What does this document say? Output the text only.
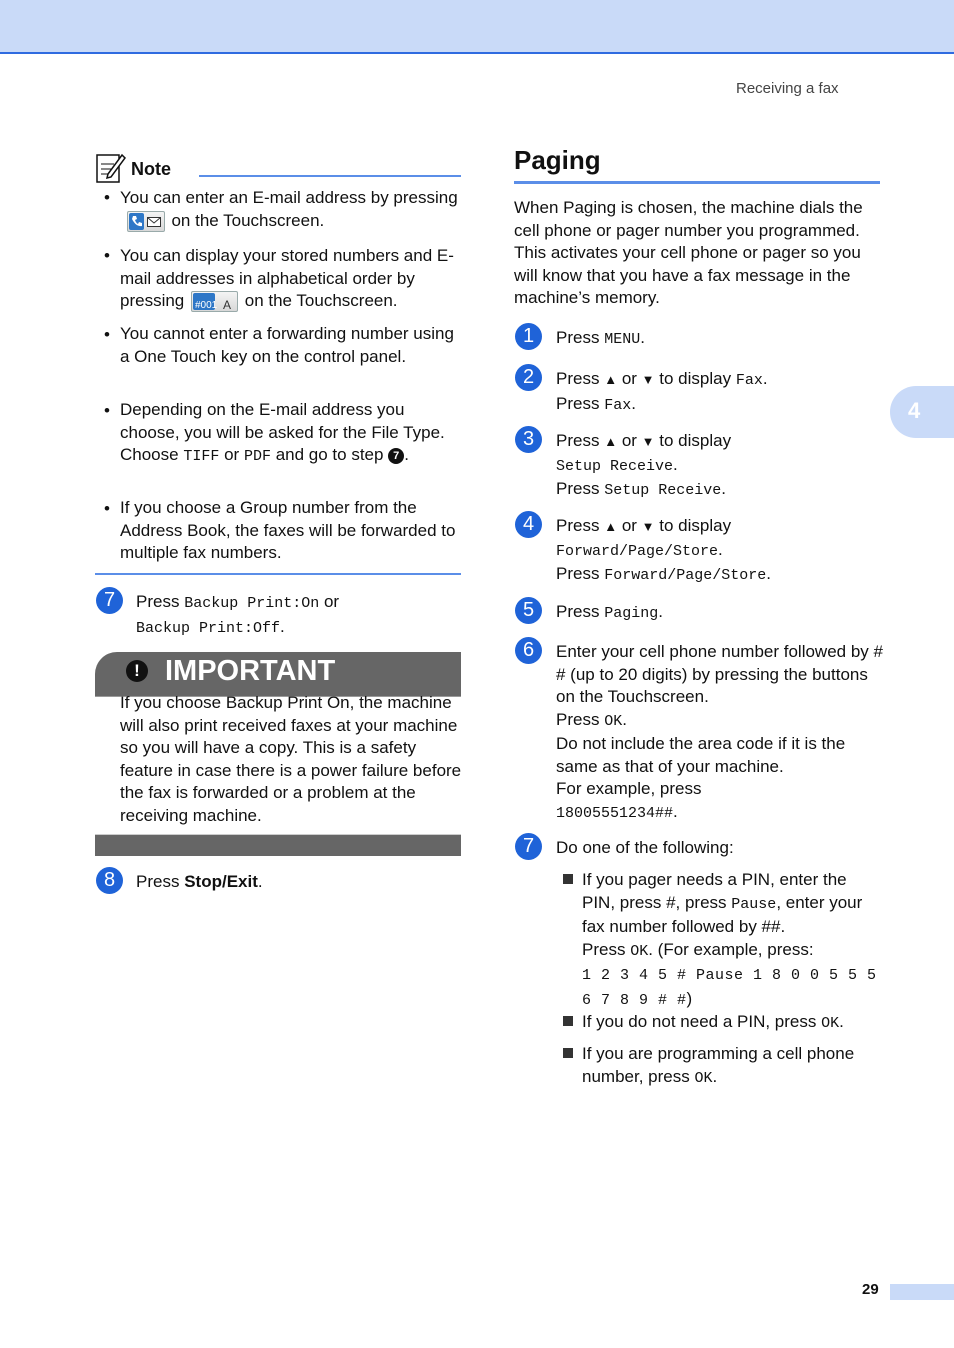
Receiving a fax
4
Note
• You can enter an E-mail address by pressing

on the Touchscreen.
• You can display your stored numbers and E-mail addresses in alphabetical order by pressing #001 A on the Touchscreen.
• You cannot enter a forwarding number using a One Touch key on the control panel.
• Depending on the E-mail address you choose, you will be asked for the File Type. Choose TIFF or PDF and go to step 7 .
• If you choose a Group number from the Address Book, the faxes will be forwarded to multiple fax numbers.
7	Press Backup Print:On or
Backup Print:Off.
! IMPORTANT
If you choose Backup Print On, the machine will also print received faxes at your machine so you will have a copy. This is a safety feature in case there is a power failure before the fax is forwarded or a problem at the receiving machine.
8	Press Stop/Exit.
Paging
When Paging is chosen, the machine dials the cell phone or pager number you programmed. This activates your cell phone or pager so you will know that you have a fax message in the machine’s memory.
1	Press MENU.
2	Press ▲ or ▼ to display Fax.
Press Fax.
3	Press ▲ or ▼ to display
Setup Receive.
Press Setup Receive.
4	Press ▲ or ▼ to display
Forward/Page/Store.
Press Forward/Page/Store.
5	Press Paging.
6	Enter your cell phone number followed by # # (up to 20 digits) by pressing the buttons on the Touchscreen.
Press OK.
Do not include the area code if it is the same as that of your machine.
For example, press
18005551234##.
7	Do one of the following:
If you pager needs a PIN, enter the PIN, press #, press Pause, enter your fax number followed by ##.
Press OK. (For example, press:
1 2 3 4 5 # Pause 1 8 0 0 5 5 5 6 7 8 9 # #)
If you do not need a PIN, press OK.
If you are programming a cell phone number, press OK.
29
